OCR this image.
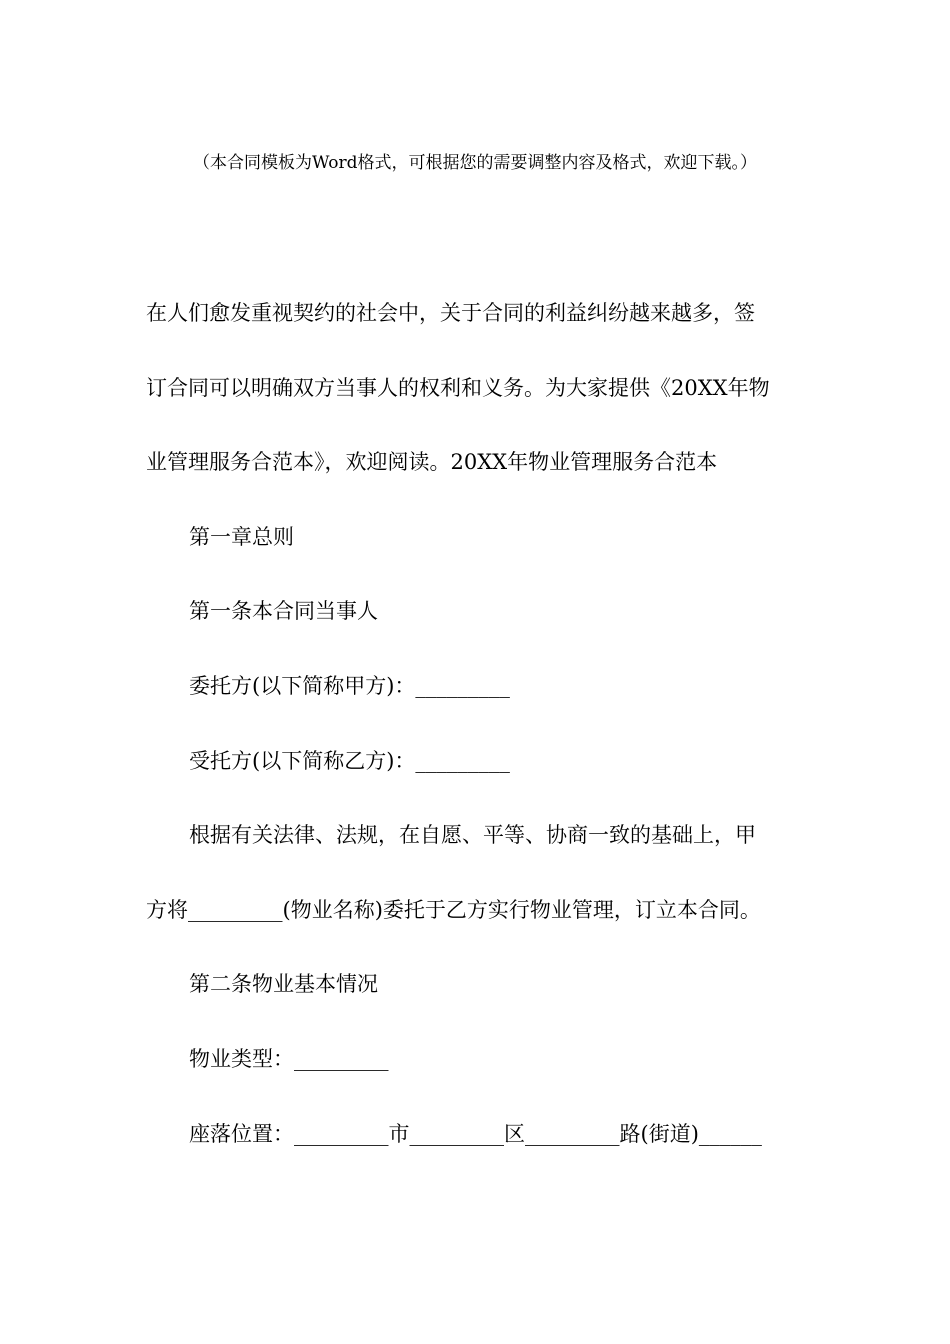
（本合同模板为Word格式，可根据您的需要调整内容及格式，欢迎下载。）
在人们愈发重视契约的社会中，关于合同的利益纠纷越来越多，签
订合同可以明确双方当事人的权利和义务。为大家提供《20XX年物
业管理服务合范本》，欢迎阅读。20XX年物业管理服务合范本
第一章总则
第一条本合同当事人
委托方(以下简称甲方)：_________
受托方(以下简称乙方)：_________
根据有关法律、法规，在自愿、平等、协商一致的基础上，甲
方将_________(物业名称)委托于乙方实行物业管理，订立本合同。
第二条物业基本情况
物业类型：_________
座落位置：_________市_________区_________路(街道)______
